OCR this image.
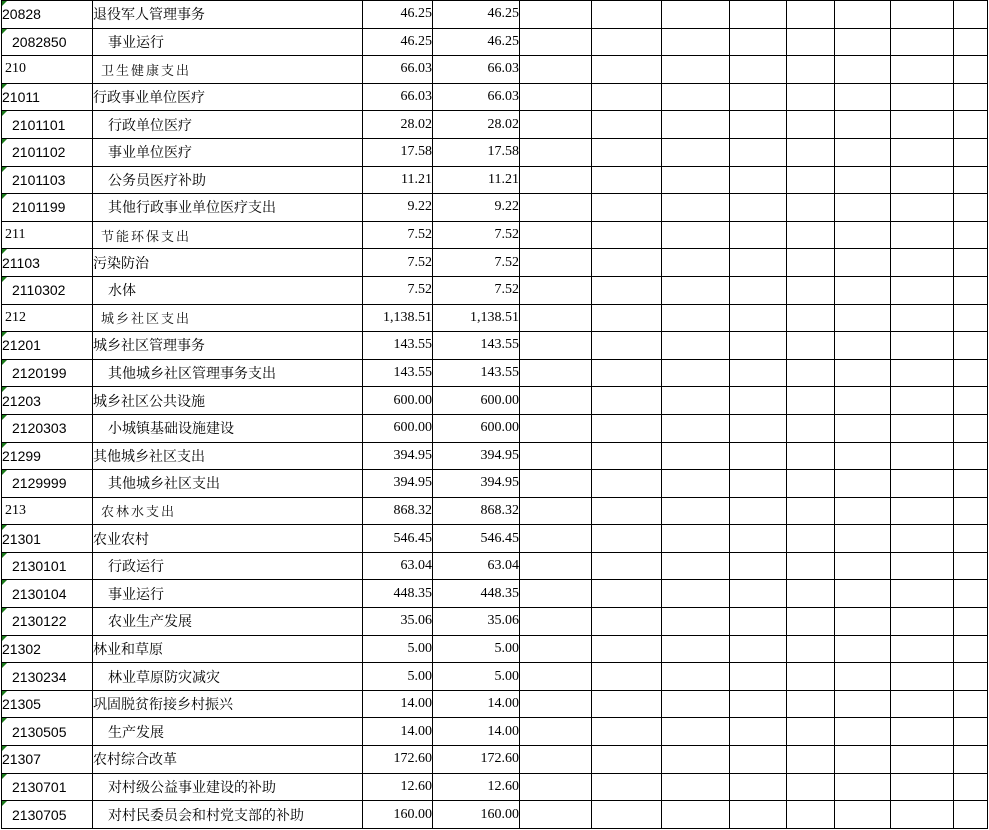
20828	退役军人管理事务	46.25	46.25								
2082850	事业运行	46.25	46.25								
210	卫生健康支出	66.03	66.03								
21011	行政事业单位医疗	66.03	66.03								
2101101	行政单位医疗	28.02	28.02								
2101102	事业单位医疗	17.58	17.58								
2101103	公务员医疗补助	11.21	11.21								
2101199	其他行政事业单位医疗支出	9.22	9.22								
211	节能环保支出	7.52	7.52								
21103	污染防治	7.52	7.52								
2110302	水体	7.52	7.52								
212	城乡社区支出	1,138.51	1,138.51								
21201	城乡社区管理事务	143.55	143.55								
2120199	其他城乡社区管理事务支出	143.55	143.55								
21203	城乡社区公共设施	600.00	600.00								
2120303	小城镇基础设施建设	600.00	600.00								
21299	其他城乡社区支出	394.95	394.95								
2129999	其他城乡社区支出	394.95	394.95								
213	农林水支出	868.32	868.32								
21301	农业农村	546.45	546.45								
2130101	行政运行	63.04	63.04								
2130104	事业运行	448.35	448.35								
2130122	农业生产发展	35.06	35.06								
21302	林业和草原	5.00	5.00								
2130234	林业草原防灾减灾	5.00	5.00								
21305	巩固脱贫衔接乡村振兴	14.00	14.00								
2130505	生产发展	14.00	14.00								
21307	农村综合改革	172.60	172.60								
2130701	对村级公益事业建设的补助	12.60	12.60								
2130705	对村民委员会和村党支部的补助	160.00	160.00								
